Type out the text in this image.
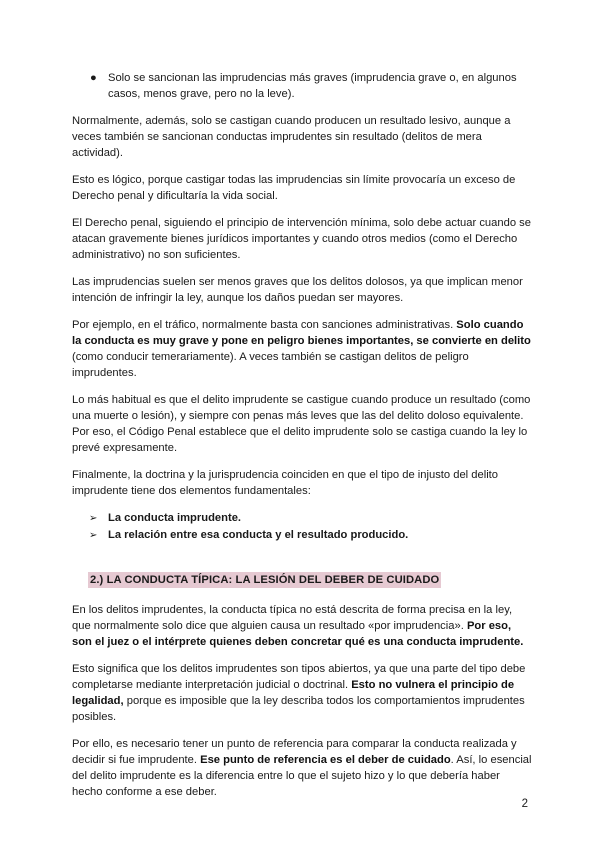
● Solo se sancionan las imprudencias más graves (imprudencia grave o, en algunos casos, menos grave, pero no la leve).

Normalmente, además, solo se castigan cuando producen un resultado lesivo, aunque a veces también se sancionan conductas imprudentes sin resultado (delitos de mera actividad).

Esto es lógico, porque castigar todas las imprudencias sin límite provocaría un exceso de Derecho penal y dificultaría la vida social.

El Derecho penal, siguiendo el principio de intervención mínima, solo debe actuar cuando se atacan gravemente bienes jurídicos importantes y cuando otros medios (como el Derecho administrativo) no son suficientes.

Las imprudencias suelen ser menos graves que los delitos dolosos, ya que implican menor intención de infringir la ley, aunque los daños puedan ser mayores.

Por ejemplo, en el tráfico, normalmente basta con sanciones administrativas. Solo cuando la conducta es muy grave y pone en peligro bienes importantes, se convierte en delito (como conducir temerariamente). A veces también se castigan delitos de peligro imprudentes.

Lo más habitual es que el delito imprudente se castigue cuando produce un resultado (como una muerte o lesión), y siempre con penas más leves que las del delito doloso equivalente. Por eso, el Código Penal establece que el delito imprudente solo se castiga cuando la ley lo prevé expresamente.

Finalmente, la doctrina y la jurisprudencia coinciden en que el tipo de injusto del delito imprudente tiene dos elementos fundamentales:

➢ La conducta imprudente.
➢ La relación entre esa conducta y el resultado producido.
2.) LA CONDUCTA TÍPICA: LA LESIÓN DEL DEBER DE CUIDADO

En los delitos imprudentes, la conducta típica no está descrita de forma precisa en la ley, que normalmente solo dice que alguien causa un resultado «por imprudencia». Por eso, son el juez o el intérprete quienes deben concretar qué es una conducta imprudente.

Esto significa que los delitos imprudentes son tipos abiertos, ya que una parte del tipo debe completarse mediante interpretación judicial o doctrinal. Esto no vulnera el principio de legalidad, porque es imposible que la ley describa todos los comportamientos imprudentes posibles.

Por ello, es necesario tener un punto de referencia para comparar la conducta realizada y decidir si fue imprudente. Ese punto de referencia es el deber de cuidado. Así, lo esencial del delito imprudente es la diferencia entre lo que el sujeto hizo y lo que debería haber hecho conforme a ese deber.

2
